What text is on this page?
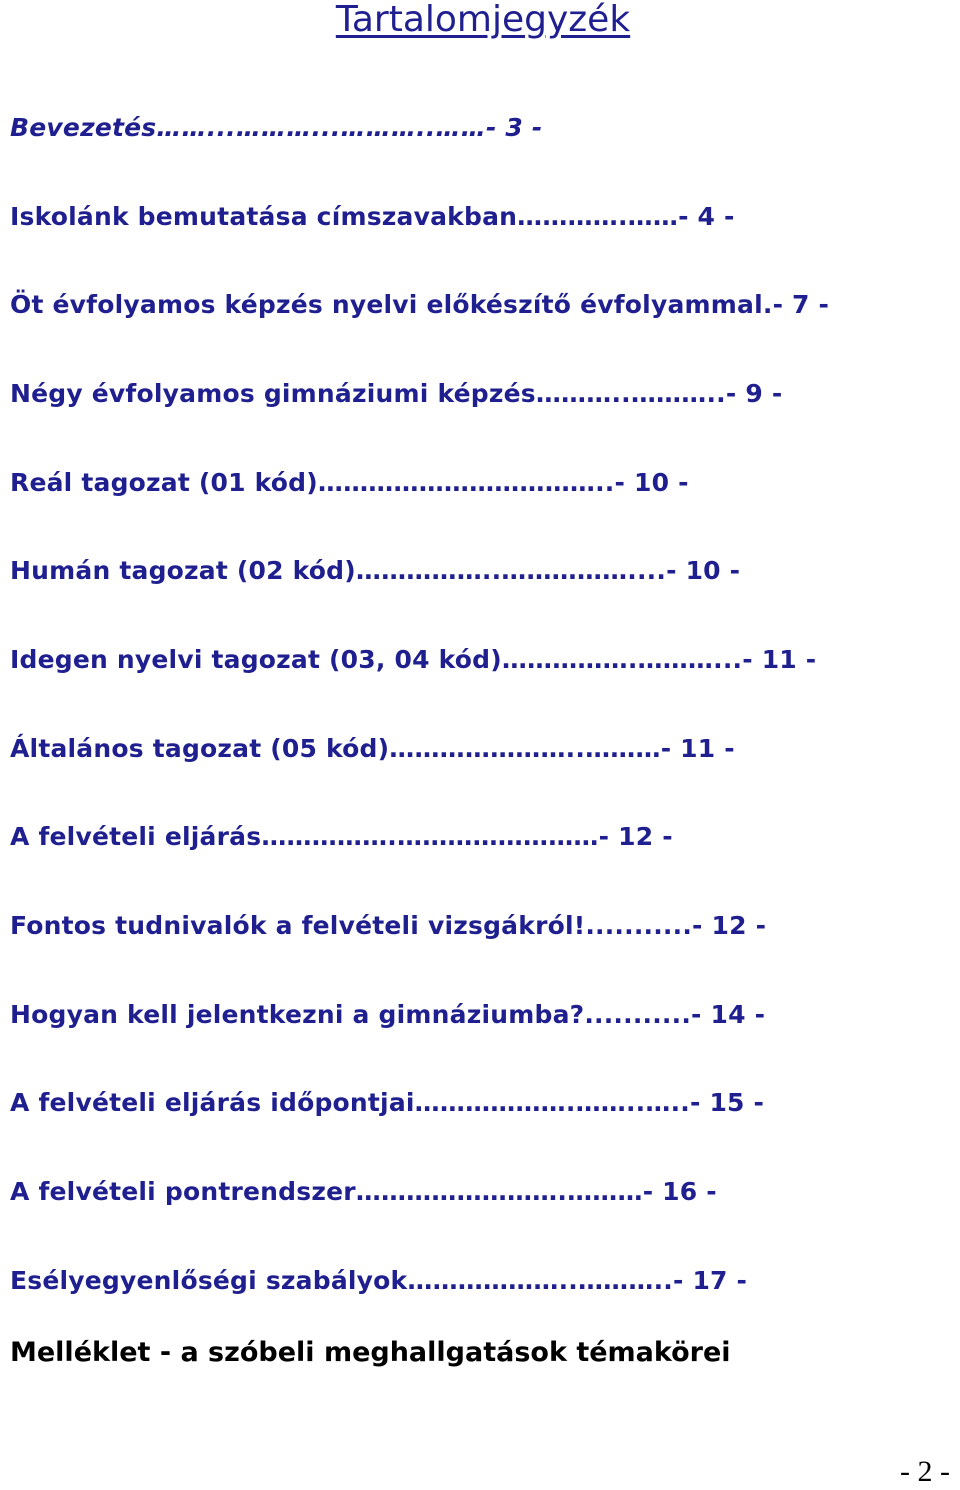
Tartalomjegyzék
Bevezetés……...………...………..……- 3 -
Iskolánk bemutatása címszavakban………….……- 4 -
Öt évfolyamos képzés nyelvi előkészítő évfolyammal.- 7 -
Négy évfolyamos gimnáziumi képzés………..………..- 9 -
Reál tagozat (01 kód)……………………………..- 10 -
Humán tagozat (02 kód)……………..……………....- 10 -
Idegen nyelvi tagozat (03, 04 kód)…………….………...- 11 -
Általános tagozat (05 kód)…………………..………- 11 -
A felvételi eljárás…………….……………………- 12 -
Fontos tudnivalók a felvételi vizsgákról!...........- 12 -
Hogyan kell jelentkezni a gimnáziumba?...........- 14 -
A felvételi eljárás időpontjai……………….……..…..- 15 -
A felvételi pontrendszer…………………….………- 16 -
Esélyegyenlőségi szabályok………………..………..- 17 -
Melléklet - a szóbeli meghallgatások témakörei
- 2 -
